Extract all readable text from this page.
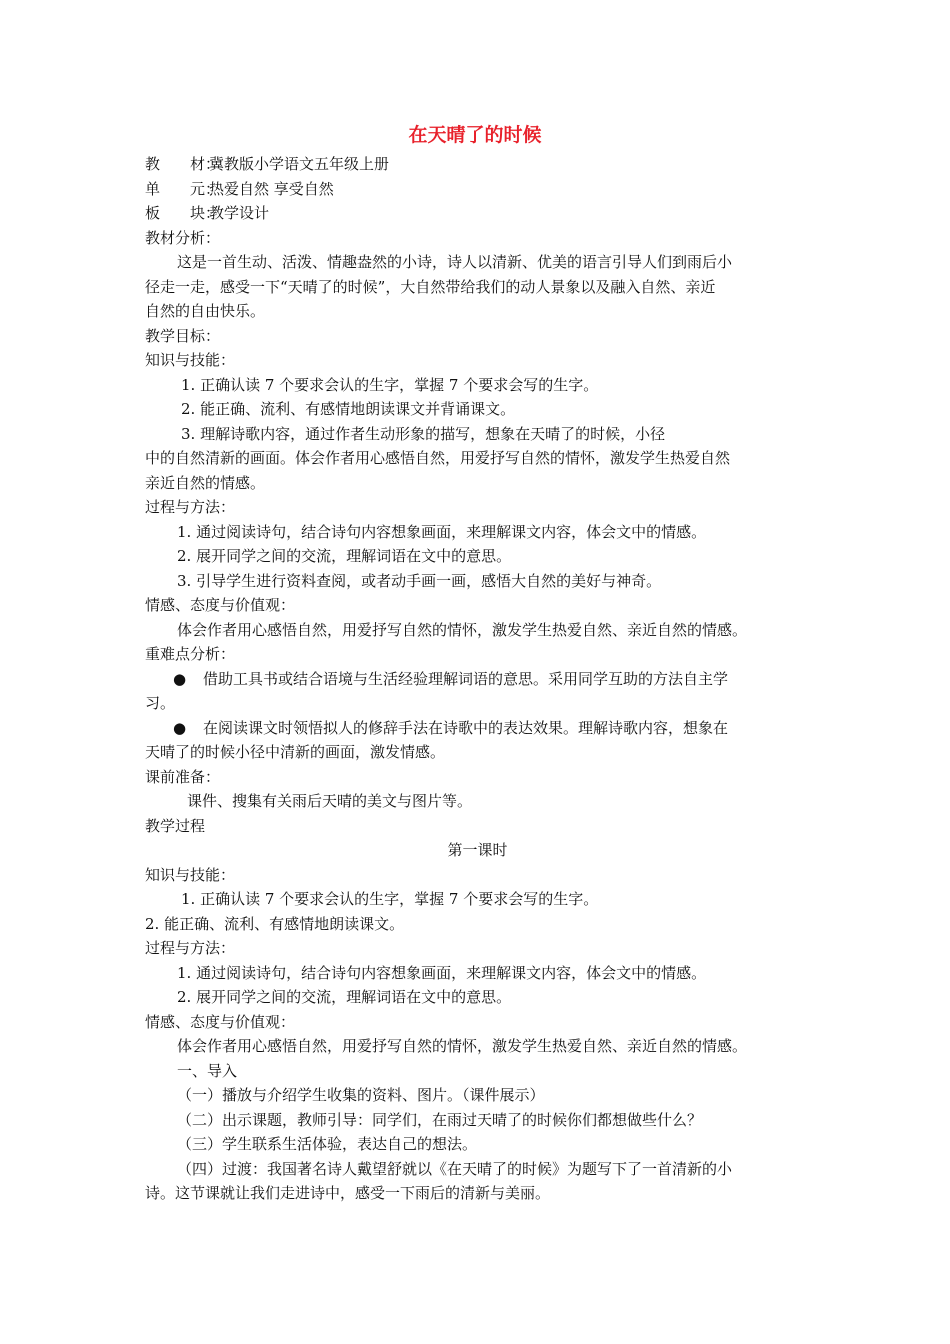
在天晴了的时候
教　　材：冀教版小学语文五年级上册
单　　元：热爱自然 享受自然
板　　块：教学设计
教材分析：
这是一首生动、活泼、情趣盎然的小诗，诗人以清新、优美的语言引导人们到雨后小
径走一走，感受一下“天晴了的时候”，大自然带给我们的动人景象以及融入自然、亲近
自然的自由快乐。
教学目标：
知识与技能：
1. 正确认读 7 个要求会认的生字，掌握 7 个要求会写的生字。
2. 能正确、流利、有感情地朗读课文并背诵课文。
3. 理解诗歌内容，通过作者生动形象的描写，想象在天晴了的时候，小径
中的自然清新的画面。体会作者用心感悟自然，用爱抒写自然的情怀，激发学生热爱自然
亲近自然的情感。
过程与方法：
1. 通过阅读诗句，结合诗句内容想象画面，来理解课文内容，体会文中的情感。
2. 展开同学之间的交流，理解词语在文中的意思。
3. 引导学生进行资料查阅，或者动手画一画，感悟大自然的美好与神奇。
情感、态度与价值观：
体会作者用心感悟自然，用爱抒写自然的情怀，激发学生热爱自然、亲近自然的情感。
重难点分析：
●	借助工具书或结合语境与生活经验理解词语的意思。采用同学互助的方法自主学
习。
●	在阅读课文时领悟拟人的修辞手法在诗歌中的表达效果。理解诗歌内容，想象在
天晴了的时候小径中清新的画面，激发情感。
课前准备：
课件、搜集有关雨后天晴的美文与图片等。
教学过程
第一课时
知识与技能：
1. 正确认读 7 个要求会认的生字，掌握 7 个要求会写的生字。
2. 能正确、流利、有感情地朗读课文。
过程与方法：
1. 通过阅读诗句，结合诗句内容想象画面，来理解课文内容，体会文中的情感。
2. 展开同学之间的交流，理解词语在文中的意思。
情感、态度与价值观：
体会作者用心感悟自然，用爱抒写自然的情怀，激发学生热爱自然、亲近自然的情感。
一、导入
（一）播放与介绍学生收集的资料、图片。（课件展示）
（二）出示课题，教师引导：同学们，在雨过天晴了的时候你们都想做些什么？
（三）学生联系生活体验，表达自己的想法。
（四）过渡：我国著名诗人戴望舒就以《在天晴了的时候》为题写下了一首清新的小
诗。这节课就让我们走进诗中，感受一下雨后的清新与美丽。
